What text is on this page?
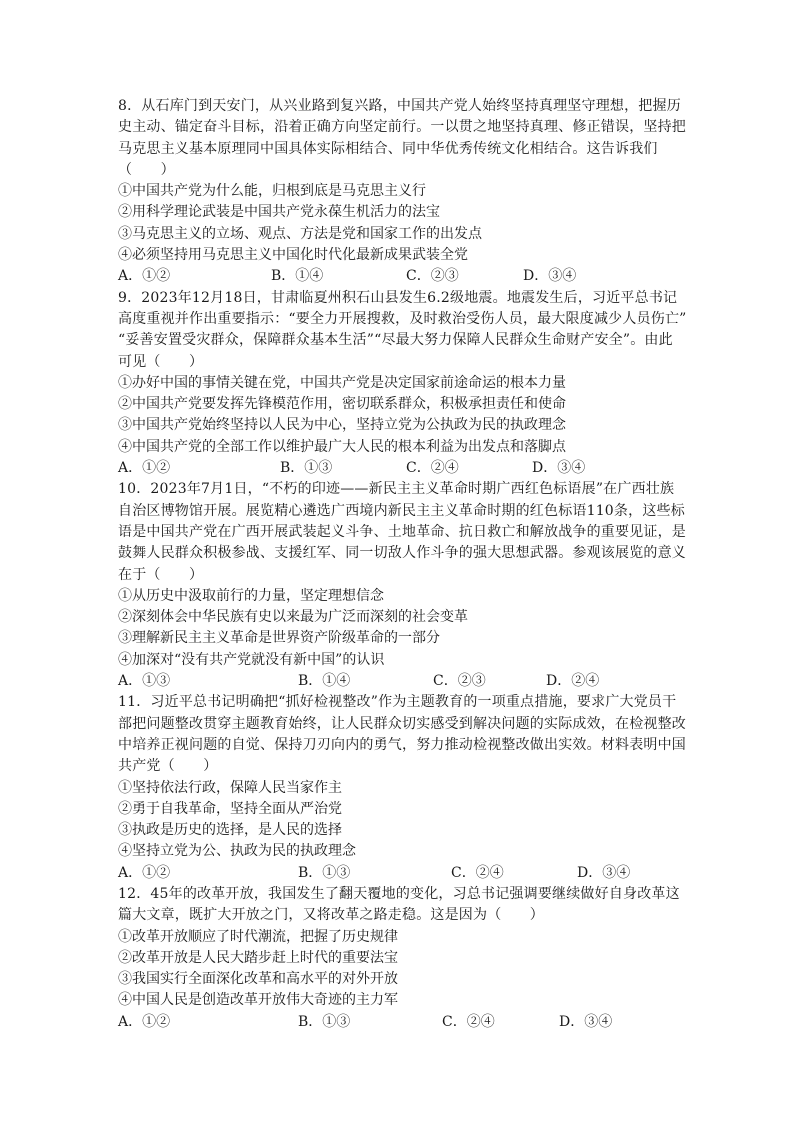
8．从石库门到天安门，从兴业路到复兴路，中国共产党人始终坚持真理坚守理想，把握历
史主动、锚定奋斗目标，沿着正确方向坚定前行。一以贯之地坚持真理、修正错误，坚持把
马克思主义基本原理同中国具体实际相结合、同中华优秀传统文化相结合。这告诉我们
（　　）
①中国共产党为什么能，归根到底是马克思主义行
②用科学理论武装是中国共产党永葆生机活力的法宝
③马克思主义的立场、观点、方法是党和国家工作的出发点
④必须坚持用马克思主义中国化时代化最新成果武装全党
A．①②	B．①④	C．②③	D．③④
9．2023年12月18日，甘肃临夏州积石山县发生6.2级地震。地震发生后，习近平总书记
高度重视并作出重要指示：“要全力开展搜救，及时救治受伤人员，最大限度减少人员伤亡”
“妥善安置受灾群众，保障群众基本生活”“尽最大努力保障人民群众生命财产安全”。由此
可见（　　）
①办好中国的事情关键在党，中国共产党是决定国家前途命运的根本力量
②中国共产党要发挥先锋模范作用，密切联系群众，积极承担责任和使命
③中国共产党始终坚持以人民为中心，坚持立党为公执政为民的执政理念
④中国共产党的全部工作以维护最广大人民的根本利益为出发点和落脚点
A．①②	B．①③	C．②④	D．③④
10．2023年7月1日，“不朽的印迹——新民主主义革命时期广西红色标语展”在广西壮族
自治区博物馆开展。展览精心遴选广西境内新民主主义革命时期的红色标语110条，这些标
语是中国共产党在广西开展武装起义斗争、土地革命、抗日救亡和解放战争的重要见证，是
鼓舞人民群众积极参战、支援红军、同一切敌人作斗争的强大思想武器。参观该展览的意义
在于（　　）
①从历史中汲取前行的力量，坚定理想信念
②深刻体会中华民族有史以来最为广泛而深刻的社会变革
③理解新民主主义革命是世界资产阶级革命的一部分
④加深对“没有共产党就没有新中国”的认识
A．①③	B．①④	C．②③	D．②④
11．习近平总书记明确把“抓好检视整改”作为主题教育的一项重点措施，要求广大党员干
部把问题整改贯穿主题教育始终，让人民群众切实感受到解决问题的实际成效，在检视整改
中培养正视问题的自觉、保持刀刃向内的勇气，努力推动检视整改做出实效。材料表明中国
共产党（　　）
①坚持依法行政，保障人民当家作主
②勇于自我革命，坚持全面从严治党
③执政是历史的选择，是人民的选择
④坚持立党为公、执政为民的执政理念
A．①②	B．①③	C．②④	D．③④
12．45年的改革开放，我国发生了翻天覆地的变化，习总书记强调要继续做好自身改革这
篇大文章，既扩大开放之门，又将改革之路走稳。这是因为（　　）
①改革开放顺应了时代潮流，把握了历史规律
②改革开放是人民大踏步赶上时代的重要法宝
③我国实行全面深化改革和高水平的对外开放
④中国人民是创造改革开放伟大奇迹的主力军
A．①②	B．①③	C．②④	D．③④
